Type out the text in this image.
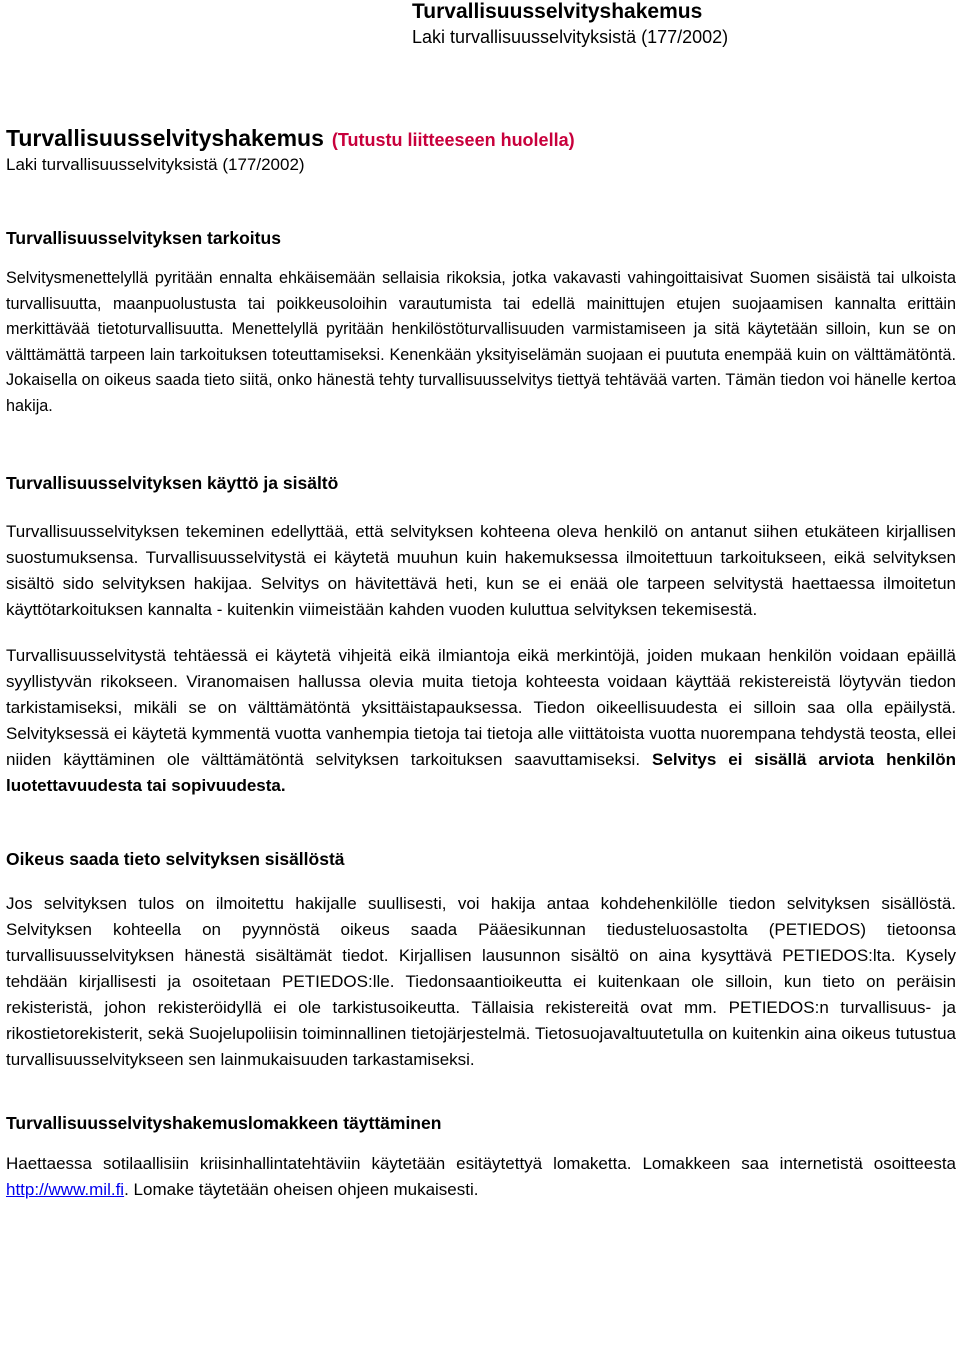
Turvallisuusselvityshakemus
Laki turvallisuusselvityksistä (177/2002)
Turvallisuusselvityshakemus (Tutustu liitteeseen huolella)
Laki turvallisuusselvityksistä (177/2002)
Turvallisuusselvityksen tarkoitus

Selvitysmenettelyllä pyritään ennalta ehkäisemään sellaisia rikoksia, jotka vakavasti vahingoittaisivat Suomen sisäistä tai ulkoista turvallisuutta, maanpuolustusta tai poikkeusoloihin varautumista tai edellä mainittujen etujen suojaamisen kannalta erittäin merkittävää tietoturvallisuutta. Menettelyllä pyritään henkilöstöturvallisuuden varmistamiseen ja sitä käytetään silloin, kun se on välttämättä tarpeen lain tarkoituksen toteuttamiseksi. Kenenkään yksityiselämän suojaan ei puututa enempää kuin on välttämätöntä. Jokaisella on oikeus saada tieto siitä, onko hänestä tehty turvallisuusselvitys tiettyä tehtävää varten. Tämän tiedon voi hänelle kertoa hakija.

Turvallisuusselvityksen käyttö ja sisältö

Turvallisuusselvityksen tekeminen edellyttää, että selvityksen kohteena oleva henkilö on antanut siihen etukäteen kirjallisen suostumuksensa. Turvallisuusselvitystä ei käytetä muuhun kuin hakemuksessa ilmoitettuun tarkoitukseen, eikä selvityksen sisältö sido selvityksen hakijaa. Selvitys on hävitettävä heti, kun se ei enää ole tarpeen selvitystä haettaessa ilmoitetun käyttötarkoituksen kannalta - kuitenkin viimeistään kahden vuoden kuluttua selvityksen tekemisestä.

Turvallisuusselvitystä tehtäessä ei käytetä vihjeitä eikä ilmiantoja eikä merkintöjä, joiden mukaan henkilön voidaan epäillä syyllistyvän rikokseen. Viranomaisen hallussa olevia muita tietoja kohteesta voidaan käyttää rekistereistä löytyvän tiedon tarkistamiseksi, mikäli se on välttämätöntä yksittäistapauksessa. Tiedon oikeellisuudesta ei silloin saa olla epäilystä. Selvityksessä ei käytetä kymmentä vuotta vanhempia tietoja tai tietoja alle viittätoista vuotta nuorempana tehdystä teosta, ellei niiden käyttäminen ole välttämätöntä selvityksen tarkoituksen saavuttamiseksi. Selvitys ei sisällä arviota henkilön luotettavuudesta tai sopivuudesta.

Oikeus saada tieto selvityksen sisällöstä

Jos selvityksen tulos on ilmoitettu hakijalle suullisesti, voi hakija antaa kohdehenkilölle tiedon selvityksen sisällöstä. Selvityksen kohteella on pyynnöstä oikeus saada Pääesikunnan tiedusteluosastolta (PETIEDOS) tietoonsa turvallisuusselvityksen hänestä sisältämät tiedot. Kirjallisen lausunnon sisältö on aina kysyttävä PETIEDOS:lta. Kysely tehdään kirjallisesti ja osoitetaan PETIEDOS:lle. Tiedonsaantioikeutta ei kuitenkaan ole silloin, kun tieto on peräisin rekisteristä, johon rekisteröidyllä ei ole tarkistusoikeutta. Tällaisia rekistereitä ovat mm. PETIEDOS:n turvallisuus- ja rikostietorekisterit, sekä Suojelupoliisin toiminnallinen tietojärjestelmä. Tietosuojavaltuutetulla on kuitenkin aina oikeus tutustua turvallisuusselvitykseen sen lainmukaisuuden tarkastamiseksi.

Turvallisuusselvityshakemuslomakkeen täyttäminen

Haettaessa sotilaallisiin kriisinhallintatehtäviin käytetään esitäytettyä lomaketta. Lomakkeen saa internetistä osoitteesta http://www.mil.fi. Lomake täytetään oheisen ohjeen mukaisesti.
